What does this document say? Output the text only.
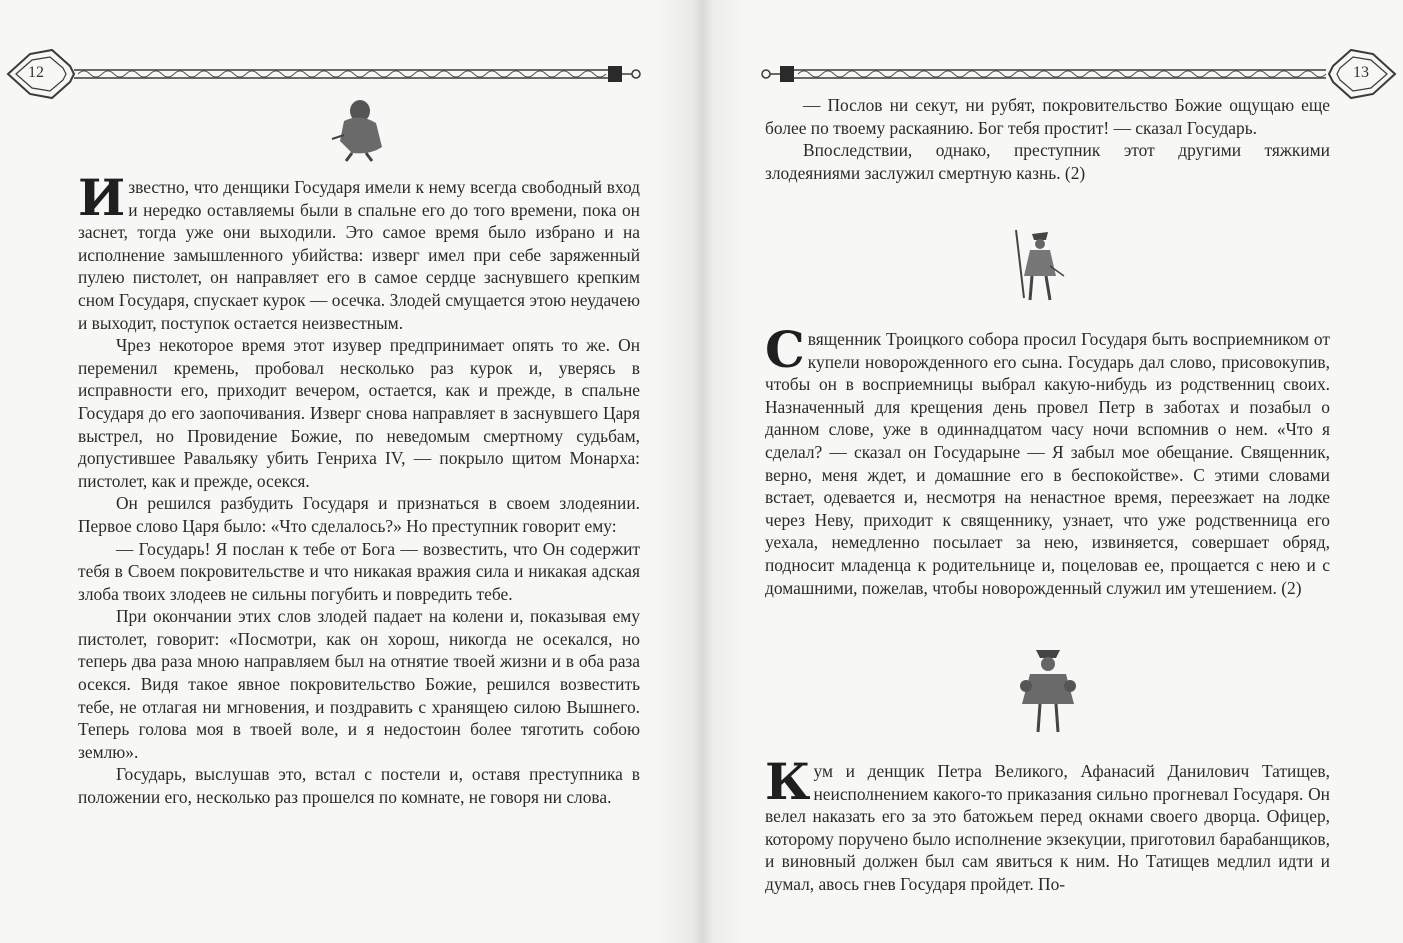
12

Известно, что денщики Государя имели к нему всегда свободный вход и нередко оставляемы были в спальне его до того времени, пока он заснет, тогда уже они выходили. Это самое время было избрано и на исполнение замышленного убийства: изверг имел при себе заряженный пулею пистолет, он направляет его в самое сердце заснувшего крепким сном Государя, спускает курок — осечка. Злодей смущается этою неудачею и выходит, поступок остается неизвестным.

Чрез некоторое время этот изувер предпринимает опять то же. Он переменил кремень, пробовал несколько раз курок и, уверясь в исправности его, приходит вечером, остается, как и прежде, в спальне Государя до его заопочивания. Изверг снова направляет в заснувшего Царя выстрел, но Провидение Божие, по неведомым смертному судьбам, допустившее Равальяку убить Генриха IV, — покрыло щитом Монарха: пистолет, как и прежде, осекся.

Он решился разбудить Государя и признаться в своем злодеянии. Первое слово Царя было: «Что сделалось?» Но преступник говорит ему:

— Государь! Я послан к тебе от Бога — возвестить, что Он содержит тебя в Своем покровительстве и что никакая вражия сила и никакая адская злоба твоих злодеев не сильны погубить и повредить тебе.

При окончании этих слов злодей падает на колени и, показывая ему пистолет, говорит: «Посмотри, как он хорош, никогда не осекался, но теперь два раза мною направляем был на отнятие твоей жизни и в оба раза осекся. Видя такое явное покровительство Божие, решился возвестить тебе, не отлагая ни мгновения, и поздравить с хранящею силою Вышнего. Теперь голова моя в твоей воле, и я недостоин более тяготить собою землю».

Государь, выслушав это, встал с постели и, оставя преступника в положении его, несколько раз прошелся по комнате, не говоря ни слова.

13

— Послов ни секут, ни рубят, покровительство Божие ощущаю еще более по твоему раскаянию. Бог тебя простит! — сказал Государь.

Впоследствии, однако, преступник этот другими тяжкими злодеяниями заслужил смертную казнь. (2)

Священник Троицкого собора просил Государя быть восприемником от купели новорожденного его сына. Государь дал слово, присовокупив, чтобы он в восприемницы выбрал какую-нибудь из родственниц своих. Назначенный для крещения день провел Петр в заботах и позабыл о данном слове, уже в одиннадцатом часу ночи вспомнив о нем. «Что я сделал? — сказал он Государыне — Я забыл мое обещание. Священник, верно, меня ждет, и домашние его в беспокойстве». С этими словами встает, одевается и, несмотря на ненастное время, переезжает на лодке через Неву, приходит к священнику, узнает, что уже родственница его уехала, немедленно посылает за нею, извиняется, совершает обряд, подносит младенца к родительнице и, поцеловав ее, прощается с нею и с домашними, пожелав, чтобы новорожденный служил им утешением. (2)

Кум и денщик Петра Великого, Афанасий Данилович Татищев, неисполнением какого-то приказания сильно прогневал Государя. Он велел наказать его за это батожьем перед окнами своего дворца. Офицер, которому поручено было исполнение экзекуции, приготовил барабанщиков, и виновный должен был сам явиться к ним. Но Татищев медлил идти и думал, авось гнев Государя пройдет. По-
